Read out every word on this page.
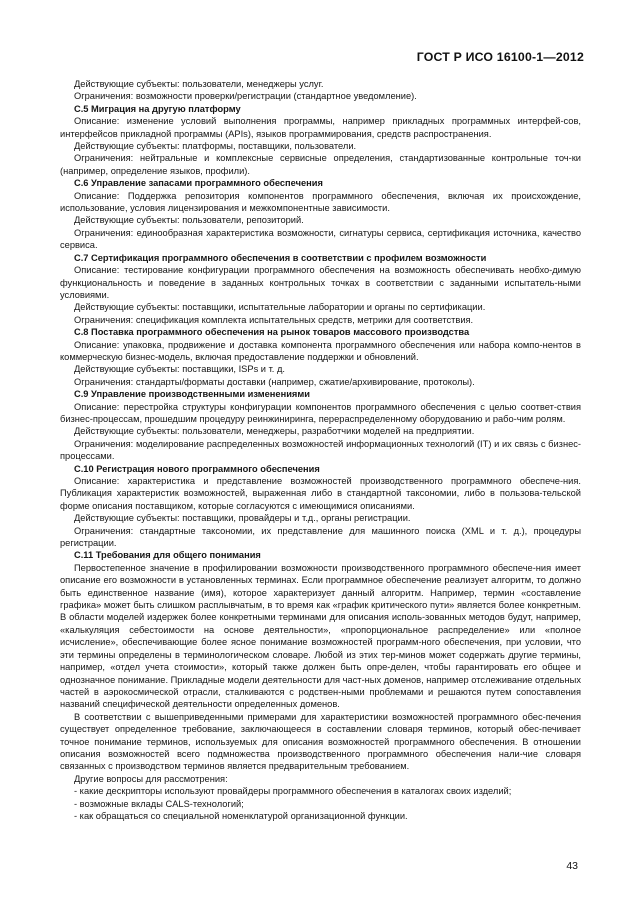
ГОСТ Р ИСО 16100-1—2012

Действующие субъекты: пользователи, менеджеры услуг.

Ограничения: возможности проверки/регистрации (стандартное уведомление).

С.5 Миграция на другую платформу

Описание: изменение условий выполнения программы, например прикладных программных интерфей-сов, интерфейсов прикладной программы (APIs), языков программирования, средств распространения.

Действующие субъекты: платформы, поставщики, пользователи.

Ограничения: нейтральные и комплексные сервисные определения, стандартизованные контрольные точ-ки (например, определение языков, профили).

С.6 Управление запасами программного обеспечения

Описание: Поддержка репозитория компонентов программного обеспечения, включая их происхождение, использование, условия лицензирования и межкомпонентные зависимости.

Действующие субъекты: пользователи, репозиторий.

Ограничения: единообразная характеристика возможности, сигнатуры сервиса, сертификация источника, качество сервиса.

С.7 Сертификация программного обеспечения в соответствии с профилем возможности

Описание: тестирование конфигурации программного обеспечения на возможность обеспечивать необхо-димую функциональность и поведение в заданных контрольных точках в соответствии с заданными испытатель-ными условиями.

Действующие субъекты: поставщики, испытательные лаборатории и органы по сертификации.

Ограничения: спецификация комплекта испытательных средств, метрики для соответствия.

С.8 Поставка программного обеспечения на рынок товаров массового производства

Описание: упаковка, продвижение и доставка компонента программного обеспечения или набора компо-нентов в коммерческую бизнес-модель, включая предоставление поддержки и обновлений.

Действующие субъекты: поставщики, ISPs и т. д.

Ограничения: стандарты/форматы доставки (например, сжатие/архивирование, протоколы).

С.9 Управление производственными изменениями

Описание: перестройка структуры конфигурации компонентов программного обеспечения с целью соответ-ствия бизнес-процессам, прошедшим процедуру реинжиниринга, перераспределенному оборудованию и рабо-чим ролям.

Действующие субъекты: пользователи, менеджеры, разработчики моделей на предприятии.

Ограничения: моделирование распределенных возможностей информационных технологий (IT) и их связь с бизнес-процессами.

С.10 Регистрация нового программного обеспечения

Описание: характеристика и представление возможностей производственного программного обеспече-ния. Публикация характеристик возможностей, выраженная либо в стандартной таксономии, либо в пользова-тельской форме описания поставщиком, которые согласуются с имеющимися описаниями.

Действующие субъекты: поставщики, провайдеры и т.д., органы регистрации.

Ограничения: стандартные таксономии, их представление для машинного поиска (XML и т. д.), процедуры регистрации.

С.11 Требования для общего понимания

Первостепенное значение в профилировании возможности производственного программного обеспече-ния имеет описание его возможности в установленных терминах. Если программное обеспечение реализует алгоритм, то должно быть единственное название (имя), которое характеризует данный алгоритм. Например, термин «составление графика» может быть слишком расплывчатым, в то время как «график критического пути» является более конкретным. В области моделей издержек более конкретными терминами для описания исполь-зованных методов будут, например, «калькуляция себестоимости на основе деятельности», «пропорциональное распределение» или «полное исчисление», обеспечивающие более ясное понимание возможностей программ-ного обеспечения, при условии, что эти термины определены в терминологическом словаре. Любой из этих тер-минов может содержать другие термины, например, «отдел учета стоимости», который также должен быть опре-делен, чтобы гарантировать его общее и однозначное понимание. Прикладные модели деятельности для част-ных доменов, например отслеживание отдельных частей в аэрокосмической отрасли, сталкиваются с родствен-ными проблемами и решаются путем сопоставления названий специфической деятельности определенных доменов.

В соответствии с вышеприведенными примерами для характеристики возможностей программного обес-печения существует определенное требование, заключающееся в составлении словаря терминов, который обес-печивает точное понимание терминов, используемых для описания возможностей программного обеспечения. В отношении описания возможностей всего подмножества производственного программного обеспечения нали-чие словаря связанных с производством терминов является предварительным требованием.

Другие вопросы для рассмотрения:

- какие дескрипторы используют провайдеры программного обеспечения в каталогах своих изделий;

- возможные вклады CALS-технологий;

- как обращаться со специальной номенклатурой организационной функции.

43
